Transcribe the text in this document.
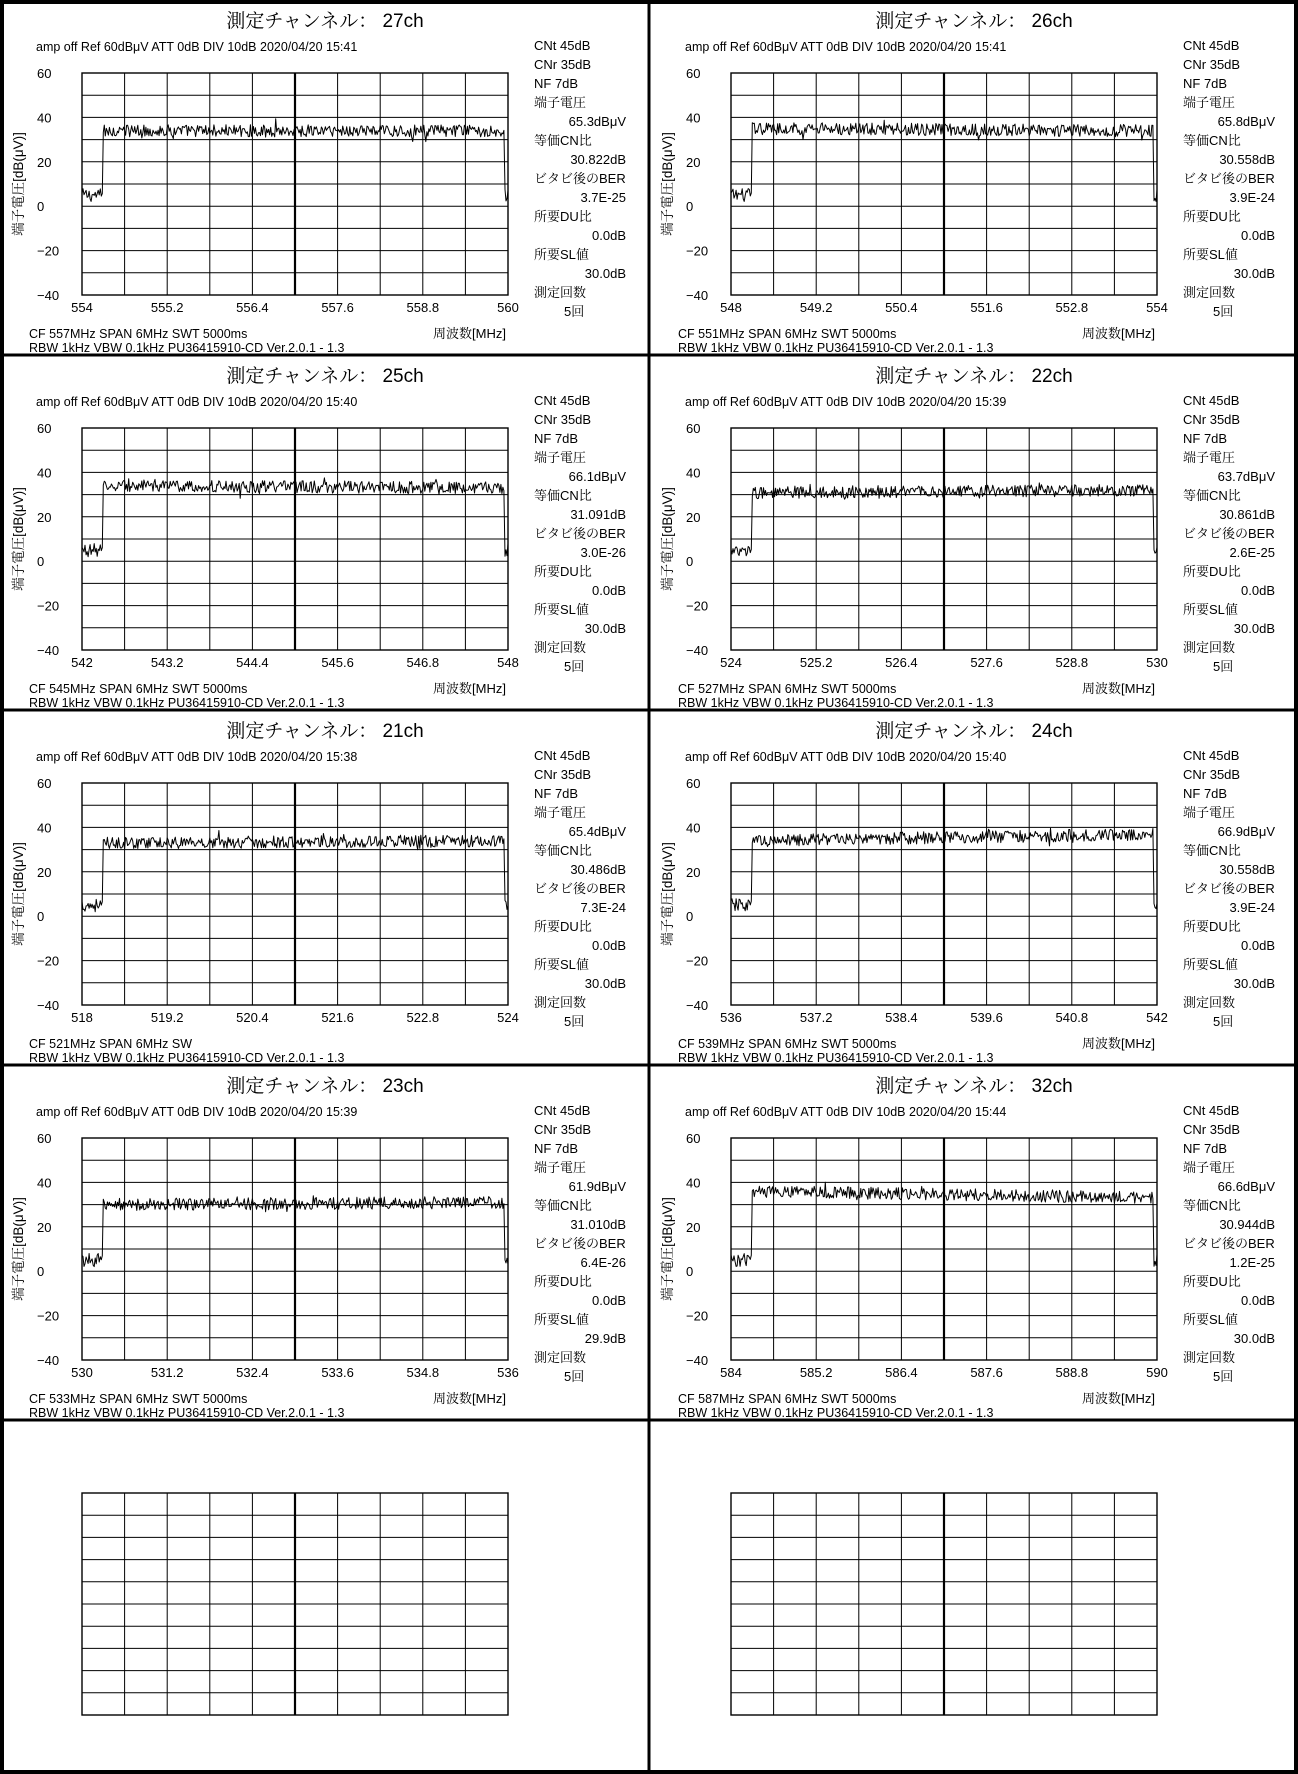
測定チャンネル： 27ch
amp off Ref 60dBμV ATT 0dB DIV 10dB 2020/04/20 15:41
60
40
20
0
−20
−40
端子電圧[dB(μV)]
554	555.2	556.4	557.6	558.8	560
CF 557MHz SPAN 6MHz SWT 5000ms	周波数[MHz]
RBW 1kHz VBW 0.1kHz PU36415910-CD Ver.2.0.1 - 1.3
CNt 45dB
CNr 35dB
NF 7dB
端子電圧
65.3dBμV
等価CN比
30.822dB
ビタビ後のBER
3.7E-25
所要DU比
0.0dB
所要SL値
30.0dB
測定回数
5回
測定チャンネル： 26ch
amp off Ref 60dBμV ATT 0dB DIV 10dB 2020/04/20 15:41
60
40
20
0
−20
−40
端子電圧[dB(μV)]
548	549.2	550.4	551.6	552.8	554
CF 551MHz SPAN 6MHz SWT 5000ms	周波数[MHz]
RBW 1kHz VBW 0.1kHz PU36415910-CD Ver.2.0.1 - 1.3
CNt 45dB
CNr 35dB
NF 7dB
端子電圧
65.8dBμV
等価CN比
30.558dB
ビタビ後のBER
3.9E-24
所要DU比
0.0dB
所要SL値
30.0dB
測定回数
5回
測定チャンネル： 25ch
amp off Ref 60dBμV ATT 0dB DIV 10dB 2020/04/20 15:40
60
40
20
0
−20
−40
端子電圧[dB(μV)]
542	543.2	544.4	545.6	546.8	548
CF 545MHz SPAN 6MHz SWT 5000ms	周波数[MHz]
RBW 1kHz VBW 0.1kHz PU36415910-CD Ver.2.0.1 - 1.3
CNt 45dB
CNr 35dB
NF 7dB
端子電圧
66.1dBμV
等価CN比
31.091dB
ビタビ後のBER
3.0E-26
所要DU比
0.0dB
所要SL値
30.0dB
測定回数
5回
測定チャンネル： 22ch
amp off Ref 60dBμV ATT 0dB DIV 10dB 2020/04/20 15:39
60
40
20
0
−20
−40
端子電圧[dB(μV)]
524	525.2	526.4	527.6	528.8	530
CF 527MHz SPAN 6MHz SWT 5000ms	周波数[MHz]
RBW 1kHz VBW 0.1kHz PU36415910-CD Ver.2.0.1 - 1.3
CNt 45dB
CNr 35dB
NF 7dB
端子電圧
63.7dBμV
等価CN比
30.861dB
ビタビ後のBER
2.6E-25
所要DU比
0.0dB
所要SL値
30.0dB
測定回数
5回
測定チャンネル： 21ch
amp off Ref 60dBμV ATT 0dB DIV 10dB 2020/04/20 15:38
60
40
20
0
−20
−40
端子電圧[dB(μV)]
518	519.2	520.4	521.6	522.8	524
CF 521MHz SPAN 6MHz SW
RBW 1kHz VBW 0.1kHz PU36415910-CD Ver.2.0.1 - 1.3
CNt 45dB
CNr 35dB
NF 7dB
端子電圧
65.4dBμV
等価CN比
30.486dB
ビタビ後のBER
7.3E-24
所要DU比
0.0dB
所要SL値
30.0dB
測定回数
5回
測定チャンネル： 24ch
amp off Ref 60dBμV ATT 0dB DIV 10dB 2020/04/20 15:40
60
40
20
0
−20
−40
端子電圧[dB(μV)]
536	537.2	538.4	539.6	540.8	542
CF 539MHz SPAN 6MHz SWT 5000ms	周波数[MHz]
RBW 1kHz VBW 0.1kHz PU36415910-CD Ver.2.0.1 - 1.3
CNt 45dB
CNr 35dB
NF 7dB
端子電圧
66.9dBμV
等価CN比
30.558dB
ビタビ後のBER
3.9E-24
所要DU比
0.0dB
所要SL値
30.0dB
測定回数
5回
測定チャンネル： 23ch
amp off Ref 60dBμV ATT 0dB DIV 10dB 2020/04/20 15:39
60
40
20
0
−20
−40
端子電圧[dB(μV)]
530	531.2	532.4	533.6	534.8	536
CF 533MHz SPAN 6MHz SWT 5000ms	周波数[MHz]
RBW 1kHz VBW 0.1kHz PU36415910-CD Ver.2.0.1 - 1.3
CNt 45dB
CNr 35dB
NF 7dB
端子電圧
61.9dBμV
等価CN比
31.010dB
ビタビ後のBER
6.4E-26
所要DU比
0.0dB
所要SL値
29.9dB
測定回数
5回
測定チャンネル： 32ch
amp off Ref 60dBμV ATT 0dB DIV 10dB 2020/04/20 15:44
60
40
20
0
−20
−40
端子電圧[dB(μV)]
584	585.2	586.4	587.6	588.8	590
CF 587MHz SPAN 6MHz SWT 5000ms	周波数[MHz]
RBW 1kHz VBW 0.1kHz PU36415910-CD Ver.2.0.1 - 1.3
CNt 45dB
CNr 35dB
NF 7dB
端子電圧
66.6dBμV
等価CN比
30.944dB
ビタビ後のBER
1.2E-25
所要DU比
0.0dB
所要SL値
30.0dB
測定回数
5回
